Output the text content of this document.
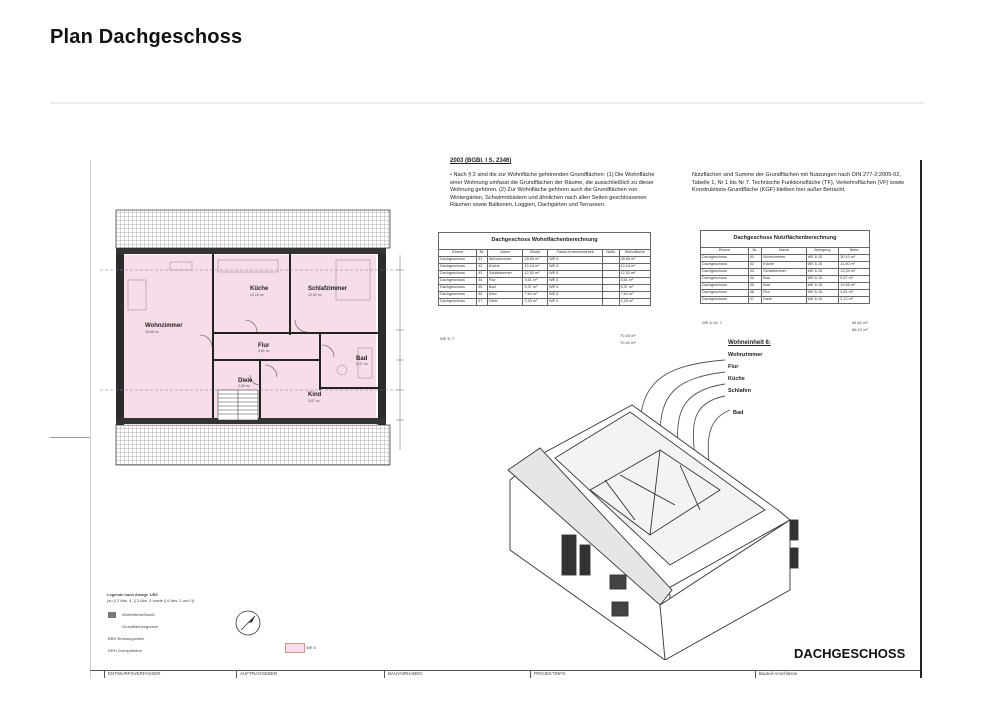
Plan Dachgeschoss
Wohnzimmer
Küche	Schlafzimmer
Flur
Bad
Diele
Kind
28,65 m²
10,16 m²	12,52 m²
3,61 m²
5,37 m²
2,38 m²
5,87 m²
Legende nach Anlage 1/B3
(zu § 2 Abs. 4, § 3 Abs. 4 sowie § 6 Abs. 2 und 3)
Wohnfläche/Nutzfl.
Grundflächengrenze
BRH Brüstungshöhe
DRH Drempelhöhe
WE 6
2003 (BGBl. I S. 2346)
• Nach § 2 sind die zur Wohnfläche gehörenden Grundflächen: (1) Die Wohnfläche einer Wohnung umfasst die Grundflächen der Räume, die ausschließlich zu dieser Wohnung gehören. (2) Zur Wohnfläche gehören auch die Grundflächen von Wintergärten, Schwimmbädern und ähnlichen nach allen Seiten geschlossenen Räumen sowie Balkonen, Loggien, Dachgärten und Terrassen.
Nutzflächen sind Summe der Grundflächen mit Nutzungen nach DIN 277-2:2005-02, Tabelle 1, Nr 1 bis Nr 7. Technische Funktionsfläche (TF), Verkehrsflächen (VF) sowie Konstruktions-Grundfläche (KGF) bleiben hier außer Betracht.
Dachgeschoss Wohnflächenberechnung
Ebene	Nr.	Name	Brutto	Faktor Anrechnbarkeit	Netto	Wohnfläche
Dachgeschoss	41	Wohnzimmer	28,65 m²	WE 6		28,65 m²
Dachgeschoss	42	Küche	10,16 m²	WE 6		10,16 m²
Dachgeschoss	43	Schlafzimmer	12,52 m²	WE 6		12,52 m²
Dachgeschoss	44	Flur	3,61 m²	WE 6		3,61 m²
Dachgeschoss	45	Bad	5,37 m²	WE 6		5,37 m²
Dachgeschoss	46	Kind	7,64 m²	WE 6		7,64 m²
Dachgeschoss	47	Diele	2,33 m²	WE 6		2,33 m²
WE 6: 7
70,33 m²
70,41 m²
Dachgeschoss Nutzflächenberechnung
Ebene	Nr.	Name	Belegung	Netto
Dachgeschoss	41	Wohnzimmer	WE 6.15	30,10 m²
Dachgeschoss	42	Küche	WE 6.15	11,00 m²
Dachgeschoss	43	Schlafzimmer	WE 6.15	13,34 m²
Dachgeschoss	44	Bad	WE 6.15	5,87 m²
Dachgeschoss	45	Bad	WE 6.15	12,65 m²
Dachgeschoss	46	Flur	WE 6.15	4,81 m²
Dachgeschoss	47	Diele	WE 6.15	2,12 m²
WE 6.15: 7	84,81 m²
86,12 m²
Wohneinheit 6:
Wohnzimmer
Flur
Küche
Schlafen
Bad
DACHGESCHOSS
ENTWURFSVERFASSER	AUFTRAGGEBER	BAUVORHABEN	PROJEKTINFO	Bauteil-Anschlüsse
